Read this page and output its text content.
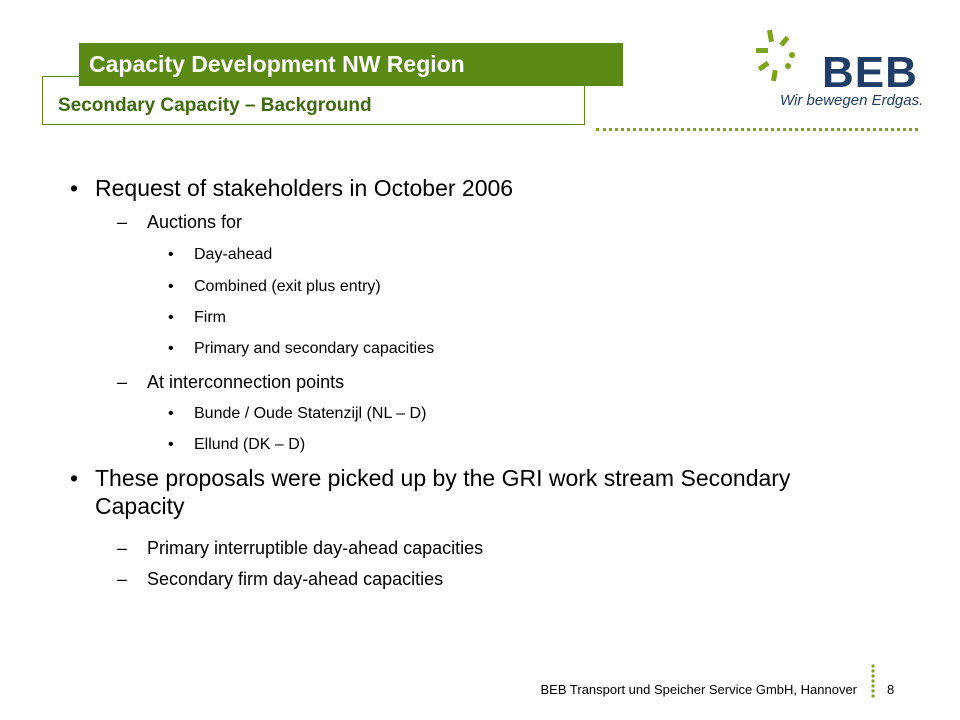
Capacity Development NW Region
Secondary Capacity – Background
BEB
Wir bewegen Erdgas.
• Request of stakeholders in October 2006
– Auctions for
• Day-ahead
• Combined (exit plus entry)
• Firm
• Primary and secondary capacities
– At interconnection points
• Bunde / Oude Statenzijl (NL – D)
• Ellund (DK – D)
• These proposals were picked up by the GRI work stream Secondary Capacity
– Primary interruptible day-ahead capacities
– Secondary firm day-ahead capacities
BEB Transport und Speicher Service GmbH, Hannover 8
